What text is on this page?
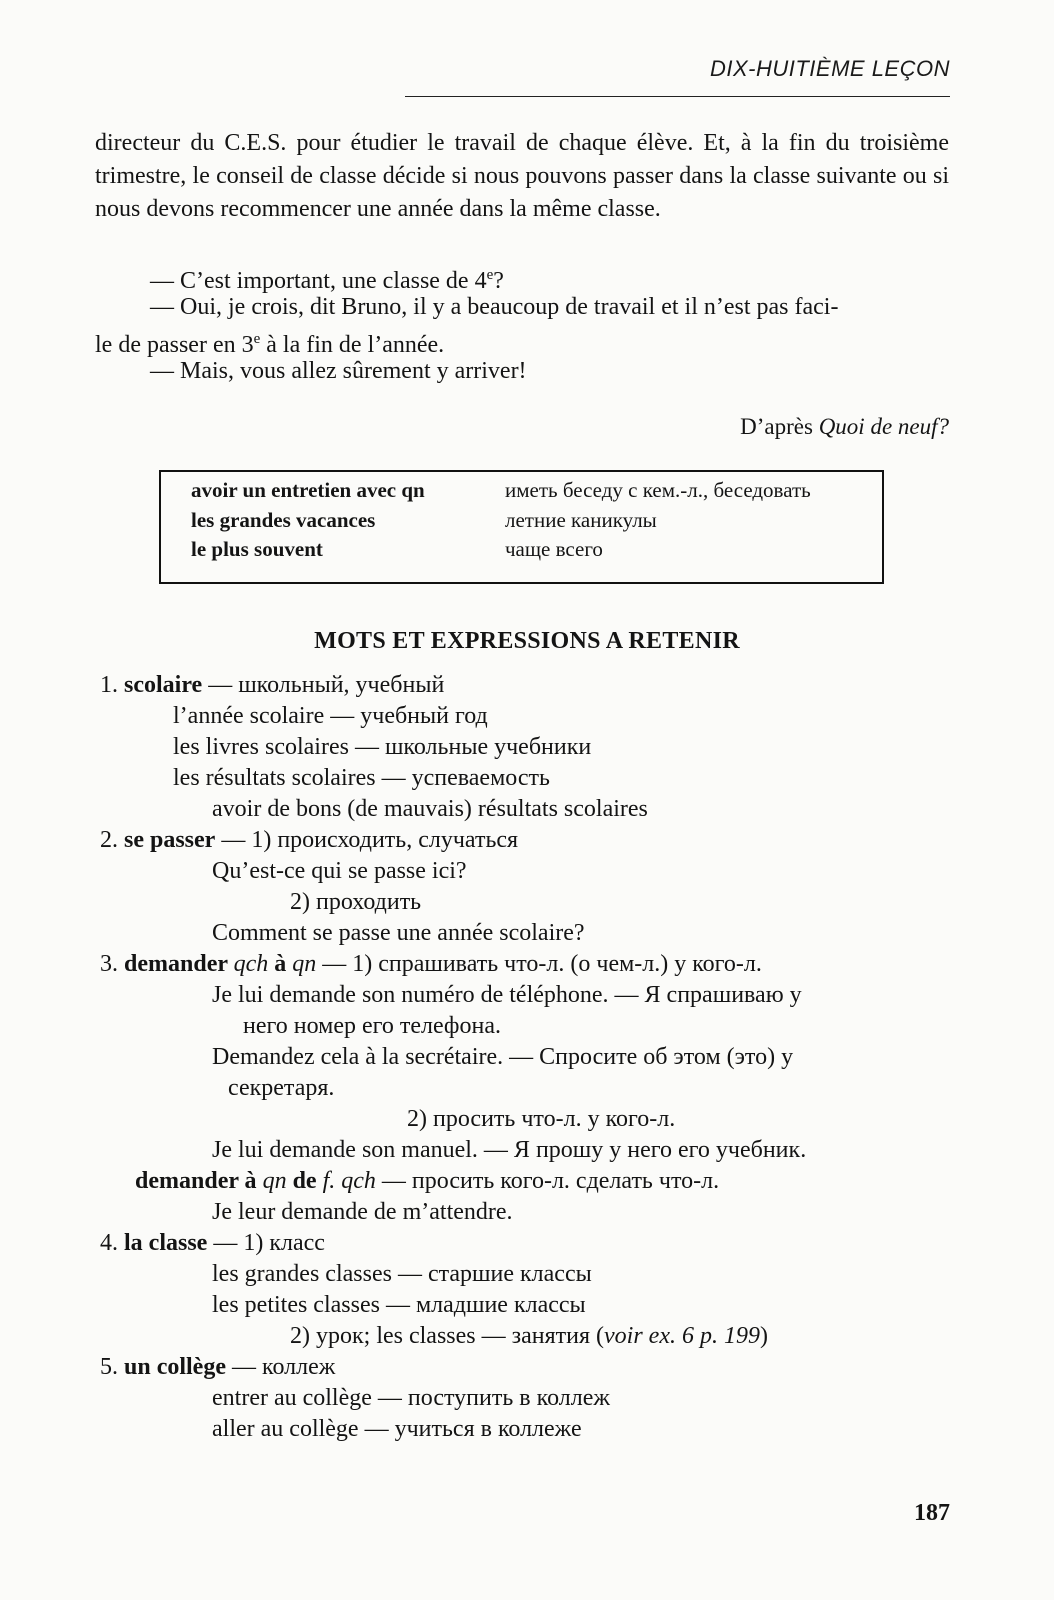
DIX-HUITIÈME LEÇON

directeur du C.E.S. pour étudier le travail de chaque élève. Et, à la fin du troisième trimestre, le conseil de classe décide si nous pouvons passer dans la classe suivante ou si nous devons recommencer une année dans la même classe.

— C’est important, une classe de 4e?

— Oui, je crois, dit Bruno, il y a beaucoup de travail et il n’est pas faci-

le de passer en 3e à la fin de l’année.

— Mais, vous allez sûrement y arriver!

D’après Quoi de neuf?
avoir un entretien avec qn	иметь беседу с кем.-л., беседовать
les grandes vacances	летние каникулы
le plus souvent	чаще всего
MOTS ET EXPRESSIONS A RETENIR
1. scolaire — школьный, учебный
l’année scolaire — учебный год
les livres scolaires — школьные учебники
les résultats scolaires — успеваемость
avoir de bons (de mauvais) résultats scolaires
2. se passer — 1) происходить, случаться
Qu’est-ce qui se passe ici?
2) проходить
Comment se passe une année scolaire?
3. demander qch à qn — 1) спрашивать что-л. (о чем-л.) у кого-л.
Je lui demande son numéro de téléphone. — Я спрашиваю у
него номер его телефона.
Demandez cela à la secrétaire. — Спросите об этом (это) у
секретаря.
2) просить что-л. у кого-л.
Je lui demande son manuel. — Я прошу у него его учебник.
demander à qn de f. qch — просить кого-л. сделать что-л.
Je leur demande de m’attendre.
4. la classe — 1) класс
les grandes classes — старшие классы
les petites classes — младшие классы
2) урок; les classes — занятия (voir ex. 6 p. 199)
5. un collège — коллеж
entrer au collège — поступить в коллеж
aller au collège — учиться в коллеже
187
